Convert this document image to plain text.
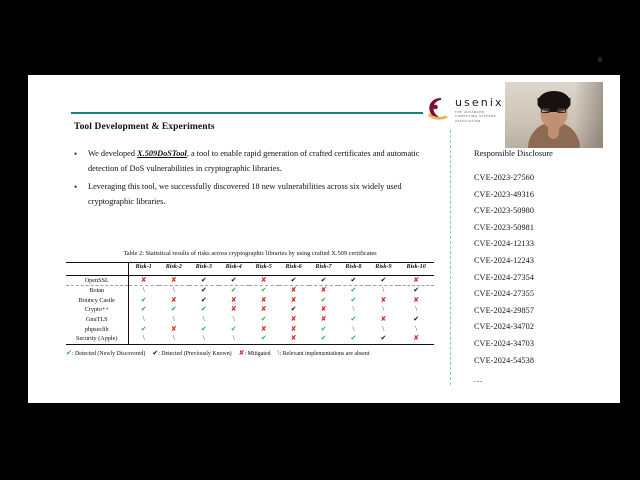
Tool Development & Experiments
usenix
THE ADVANCED
COMPUTING SYSTEMS
ASSOCIATION
•	We developed X.509DoSTool, a tool to enable rapid generation of crafted certificates and automatic detection of DoS vulnerabilities in cryptographic libraries.
•	Leveraging this tool, we successfully discovered 18 new vulnerabilities across six widely used cryptographic libraries.
Responsible Disclosure
CVE-2023-27560
CVE-2023-49316
CVE-2023-50980
CVE-2023-50981
CVE-2024-12133
CVE-2024-12243
CVE-2024-27354
CVE-2024-27355
CVE-2024-29857
CVE-2024-34702
CVE-2024-34703
CVE-2024-54538
...
Table 2: Statistical results of risks across cryptographic libraries by using crafted X.509 certificates
	Risk-1	Risk-2	Risk-3	Risk-4	Risk-5	Risk-6	Risk-7	Risk-8	Risk-9	Risk-10
OpenSSL	✘	✘	✔	✔	✘	✔	✔	✔	✔	✘
Botan	\	\	✔	✔	✔	✘	✘	✔	\	✔
Bouncy Castle	✔	✘	✔	✘	✘	✘	✔	✔	✘	✘
Crypto++	✔	✔	✔	✘	✘	✔	✘	\	\	\
GnuTLS	\	\	\	\	✔	✘	✘	✔	✘	✔
phpseclib	✔	✘	✔	✔	✘	✘	✔	\	\	\
Security (Apple)	\	\	\	\	✔	✘	✔	✔	✔	✘
✔: Detected (Newly Discovered) ✔: Detected (Previously Known) ✘: Mitigated \: Relevant implementations are absent
